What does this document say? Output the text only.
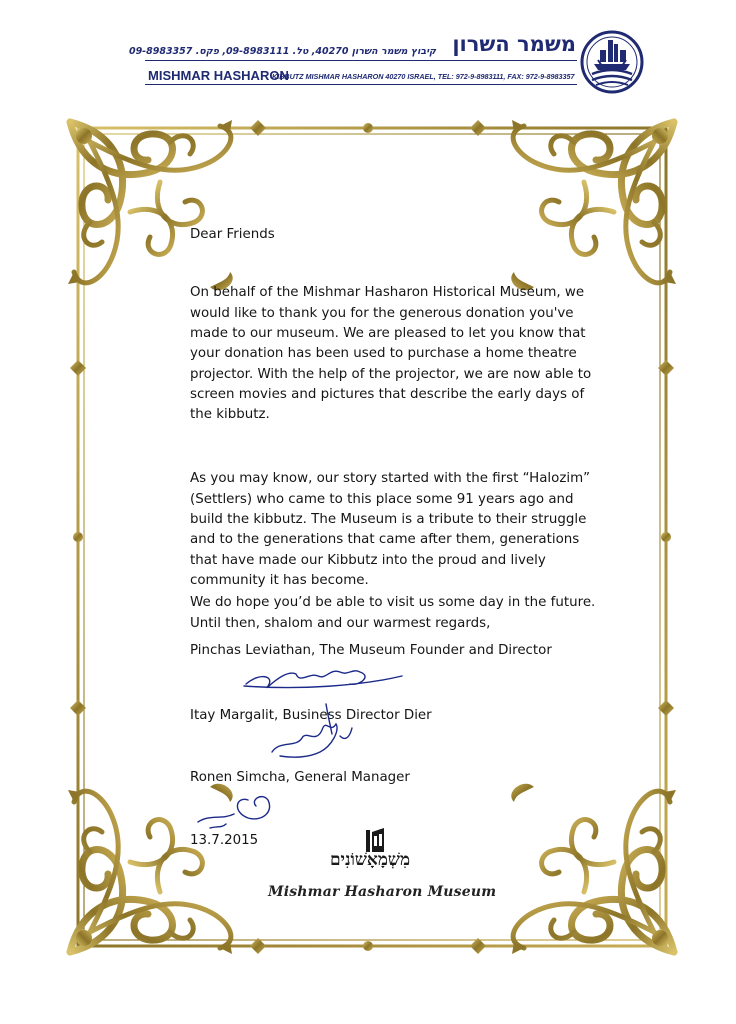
משמר השרון
קיבוץ משמר השרון 40270, טל. 09-8983111, פקס. 09-8983357
MISHMAR HASHARON
KIBBUTZ MISHMAR HASHARON 40270 ISRAEL, TEL: 972-9-8983111, FAX: 972-9-8983357
Dear Friends

On behalf of the Mishmar Hasharon Historical Museum, we would like to thank you for the generous donation you've made to our museum. We are pleased to let you know that your donation has been used to purchase a home theatre projector. With the help of the projector, we are now able to screen movies and pictures that describe the early days of the kibbutz.

As you may know, our story started with the first “Halozim” (Settlers) who came to this place some 91 years ago and build the kibbutz. The Museum is a tribute to their struggle and to the generations that came after them, generations that have made our Kibbutz into the proud and lively community it has become.

We do hope you’d be able to visit us some day in the future. Until then, shalom and our warmest regards,

Pinchas Leviathan, The Museum Founder and Director
Itay Margalit, Business Director Dier
Ronen Simcha, General Manager
13.7.2015
מִשְׁמָאָשׁוֹנִים
Mishmar Hasharon Museum
